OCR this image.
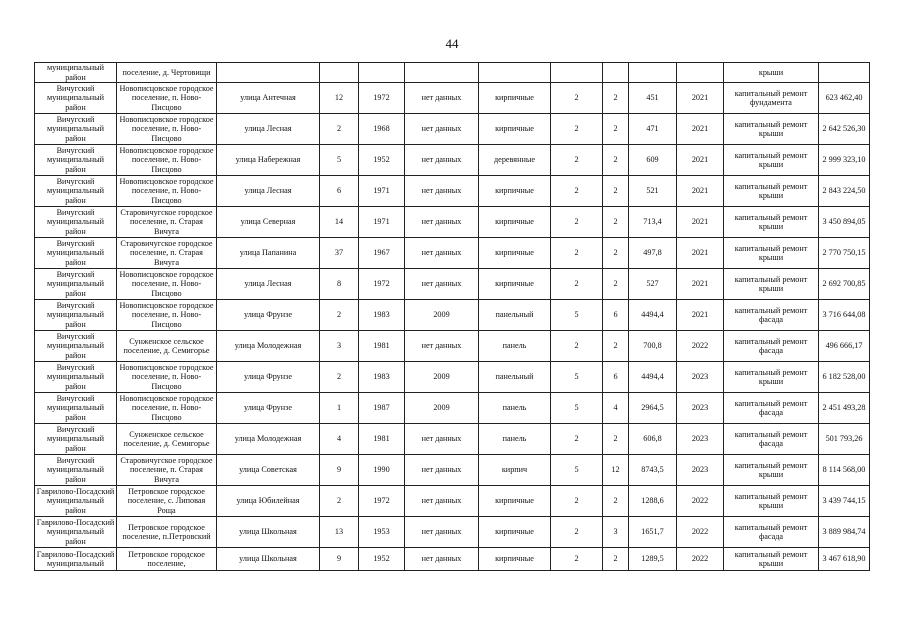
44
муниципальный район	поселение, д. Чертовищи										крыши	
Вичугский муниципальный район	Новописцовское городское поселение, п. Ново-Писцово	улица Антечная	12	1972	нет данных	кирпичные	2	2	451	2021	капитальный ремонт фундамента	623 462,40
Вичугский муниципальный район	Новописцовское городское поселение, п. Ново-Писцово	улица Лесная	2	1968	нет данных	кирпичные	2	2	471	2021	капитальный ремонт крыши	2 642 526,30
Вичугский муниципальный район	Новописцовское городское поселение, п. Ново-Писцово	улица Набережная	5	1952	нет данных	деревянные	2	2	609	2021	капитальный ремонт крыши	2 999 323,10
Вичугский муниципальный район	Новописцовское городское поселение, п. Ново-Писцово	улица Лесная	6	1971	нет данных	кирпичные	2	2	521	2021	капитальный ремонт крыши	2 843 224,50
Вичугский муниципальный район	Старовичугское городское поселение, п. Старая Вичуга	улица Северная	14	1971	нет данных	кирпичные	2	2	713,4	2021	капитальный ремонт крыши	3 450 894,05
Вичугский муниципальный район	Старовичугское городское поселение, п. Старая Вичуга	улица Папанина	37	1967	нет данных	кирпичные	2	2	497,8	2021	капитальный ремонт крыши	2 770 750,15
Вичугский муниципальный район	Новописцовское городское поселение, п. Ново-Писцово	улица Лесная	8	1972	нет данных	кирпичные	2	2	527	2021	капитальный ремонт крыши	2 692 700,85
Вичугский муниципальный район	Новописцовское городское поселение, п. Ново-Писцово	улица Фрунзе	2	1983	2009	панельный	5	6	4494,4	2021	капитальный ремонт фасада	3 716 644,08
Вичугский муниципальный район	Сунженское сельское поселение, д. Семигорье	улица Молодежная	3	1981	нет данных	панель	2	2	700,8	2022	капитальный ремонт фасада	496 666,17
Вичугский муниципальный район	Новописцовское городское поселение, п. Ново-Писцово	улица Фрунзе	2	1983	2009	панельный	5	6	4494,4	2023	капитальный ремонт крыши	6 182 528,00
Вичугский муниципальный район	Новописцовское городское поселение, п. Ново-Писцово	улица Фрунзе	1	1987	2009	панель	5	4	2964,5	2023	капитальный ремонт фасада	2 451 493,28
Вичугский муниципальный район	Сунженское сельское поселение, д. Семигорье	улица Молодежная	4	1981	нет данных	панель	2	2	606,8	2023	капитальный ремонт фасада	501 793,26
Вичугский муниципальный район	Старовичугское городское поселение, п. Старая Вичуга	улица Советская	9	1990	нет данных	кирпич	5	12	8743,5	2023	капитальный ремонт крыши	8 114 568,00
Гаврилово-Посадский муниципальный район	Петровское городское поселение, с. Липовая Роща	улица Юбилейная	2	1972	нет данных	кирпичные	2	2	1288,6	2022	капитальный ремонт крыши	3 439 744,15
Гаврилово-Посадский муниципальный район	Петровское городское поселение, п.Петровский	улица Школьная	13	1953	нет данных	кирпичные	2	3	1651,7	2022	капитальный ремонт фасада	3 889 984,74
Гаврилово-Посадский муниципальный	Петровское городское поселение,	улица Школьная	9	1952	нет данных	кирпичные	2	2	1289,5	2022	капитальный ремонт крыши	3 467 618,90
